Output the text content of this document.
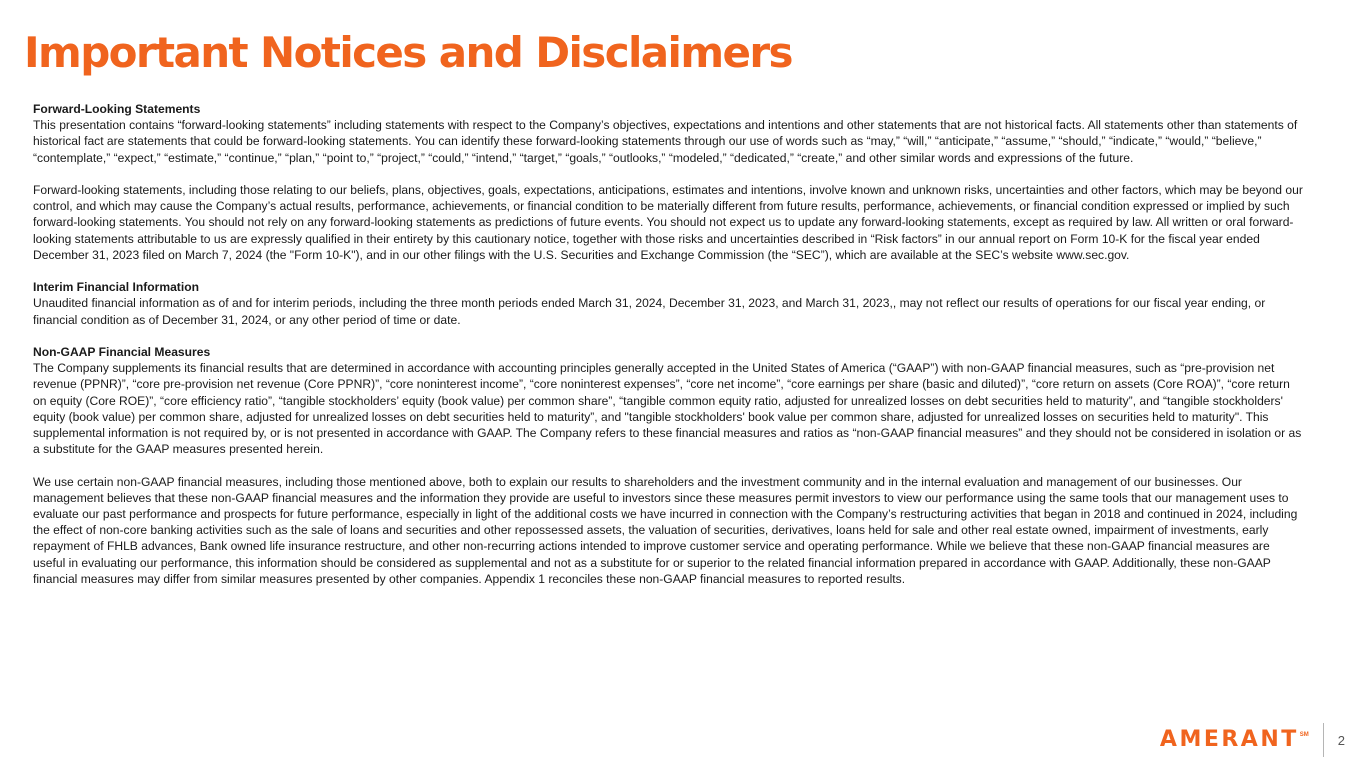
Important Notices and Disclaimers
Forward-Looking Statements

This presentation contains “forward-looking statements” including statements with respect to the Company’s objectives, expectations and intentions and other statements that are not historical facts. All statements other than statements of historical fact are statements that could be forward-looking statements. You can identify these forward-looking statements through our use of words such as “may,” “will,” “anticipate,” “assume,” “should,” “indicate,” “would,” “believe,” “contemplate,” “expect,” “estimate,” “continue,” “plan,” “point to,” “project,” “could,” “intend,” “target,” “goals,” “outlooks,” “modeled,” “dedicated,” “create,” and other similar words and expressions of the future.

Forward-looking statements, including those relating to our beliefs, plans, objectives, goals, expectations, anticipations, estimates and intentions, involve known and unknown risks, uncertainties and other factors, which may be beyond our control, and which may cause the Company’s actual results, performance, achievements, or financial condition to be materially different from future results, performance, achievements, or financial condition expressed or implied by such forward-looking statements. You should not rely on any forward-looking statements as predictions of future events. You should not expect us to update any forward-looking statements, except as required by law. All written or oral forward-looking statements attributable to us are expressly qualified in their entirety by this cautionary notice, together with those risks and uncertainties described in “Risk factors” in our annual report on Form 10-K for the fiscal year ended December 31, 2023 filed on March 7, 2024 (the "Form 10-K"), and in our other filings with the U.S. Securities and Exchange Commission (the “SEC”), which are available at the SEC’s website www.sec.gov.

Interim Financial Information

Unaudited financial information as of and for interim periods, including the three month periods ended March 31, 2024, December 31, 2023, and March 31, 2023,, may not reflect our results of operations for our fiscal year ending, or financial condition as of December 31, 2024, or any other period of time or date.

Non-GAAP Financial Measures

The Company supplements its financial results that are determined in accordance with accounting principles generally accepted in the United States of America (“GAAP”) with non-GAAP financial measures, such as “pre-provision net revenue (PPNR)”, “core pre-provision net revenue (Core PPNR)”, “core noninterest income”, “core noninterest expenses”, “core net income”, “core earnings per share (basic and diluted)”, “core return on assets (Core ROA)”, “core return on equity (Core ROE)”, “core efficiency ratio”, “tangible stockholders’ equity (book value) per common share”, “tangible common equity ratio, adjusted for unrealized losses on debt securities held to maturity”, and “tangible stockholders' equity (book value) per common share, adjusted for unrealized losses on debt securities held to maturity”, and "tangible stockholders' book value per common share, adjusted for unrealized losses on securities held to maturity". This supplemental information is not required by, or is not presented in accordance with GAAP. The Company refers to these financial measures and ratios as “non-GAAP financial measures” and they should not be considered in isolation or as a substitute for the GAAP measures presented herein.

We use certain non-GAAP financial measures, including those mentioned above, both to explain our results to shareholders and the investment community and in the internal evaluation and management of our businesses. Our management believes that these non-GAAP financial measures and the information they provide are useful to investors since these measures permit investors to view our performance using the same tools that our management uses to evaluate our past performance and prospects for future performance, especially in light of the additional costs we have incurred in connection with the Company’s restructuring activities that began in 2018 and continued in 2024, including the effect of non-core banking activities such as the sale of loans and securities and other repossessed assets, the valuation of securities, derivatives, loans held for sale and other real estate owned, impairment of investments, early repayment of FHLB advances, Bank owned life insurance restructure, and other non-recurring actions intended to improve customer service and operating performance. While we believe that these non-GAAP financial measures are useful in evaluating our performance, this information should be considered as supplemental and not as a substitute for or superior to the related financial information prepared in accordance with GAAP. Additionally, these non-GAAP financial measures may differ from similar measures presented by other companies. Appendix 1 reconciles these non-GAAP financial measures to reported results.

AMERANT SM 2
